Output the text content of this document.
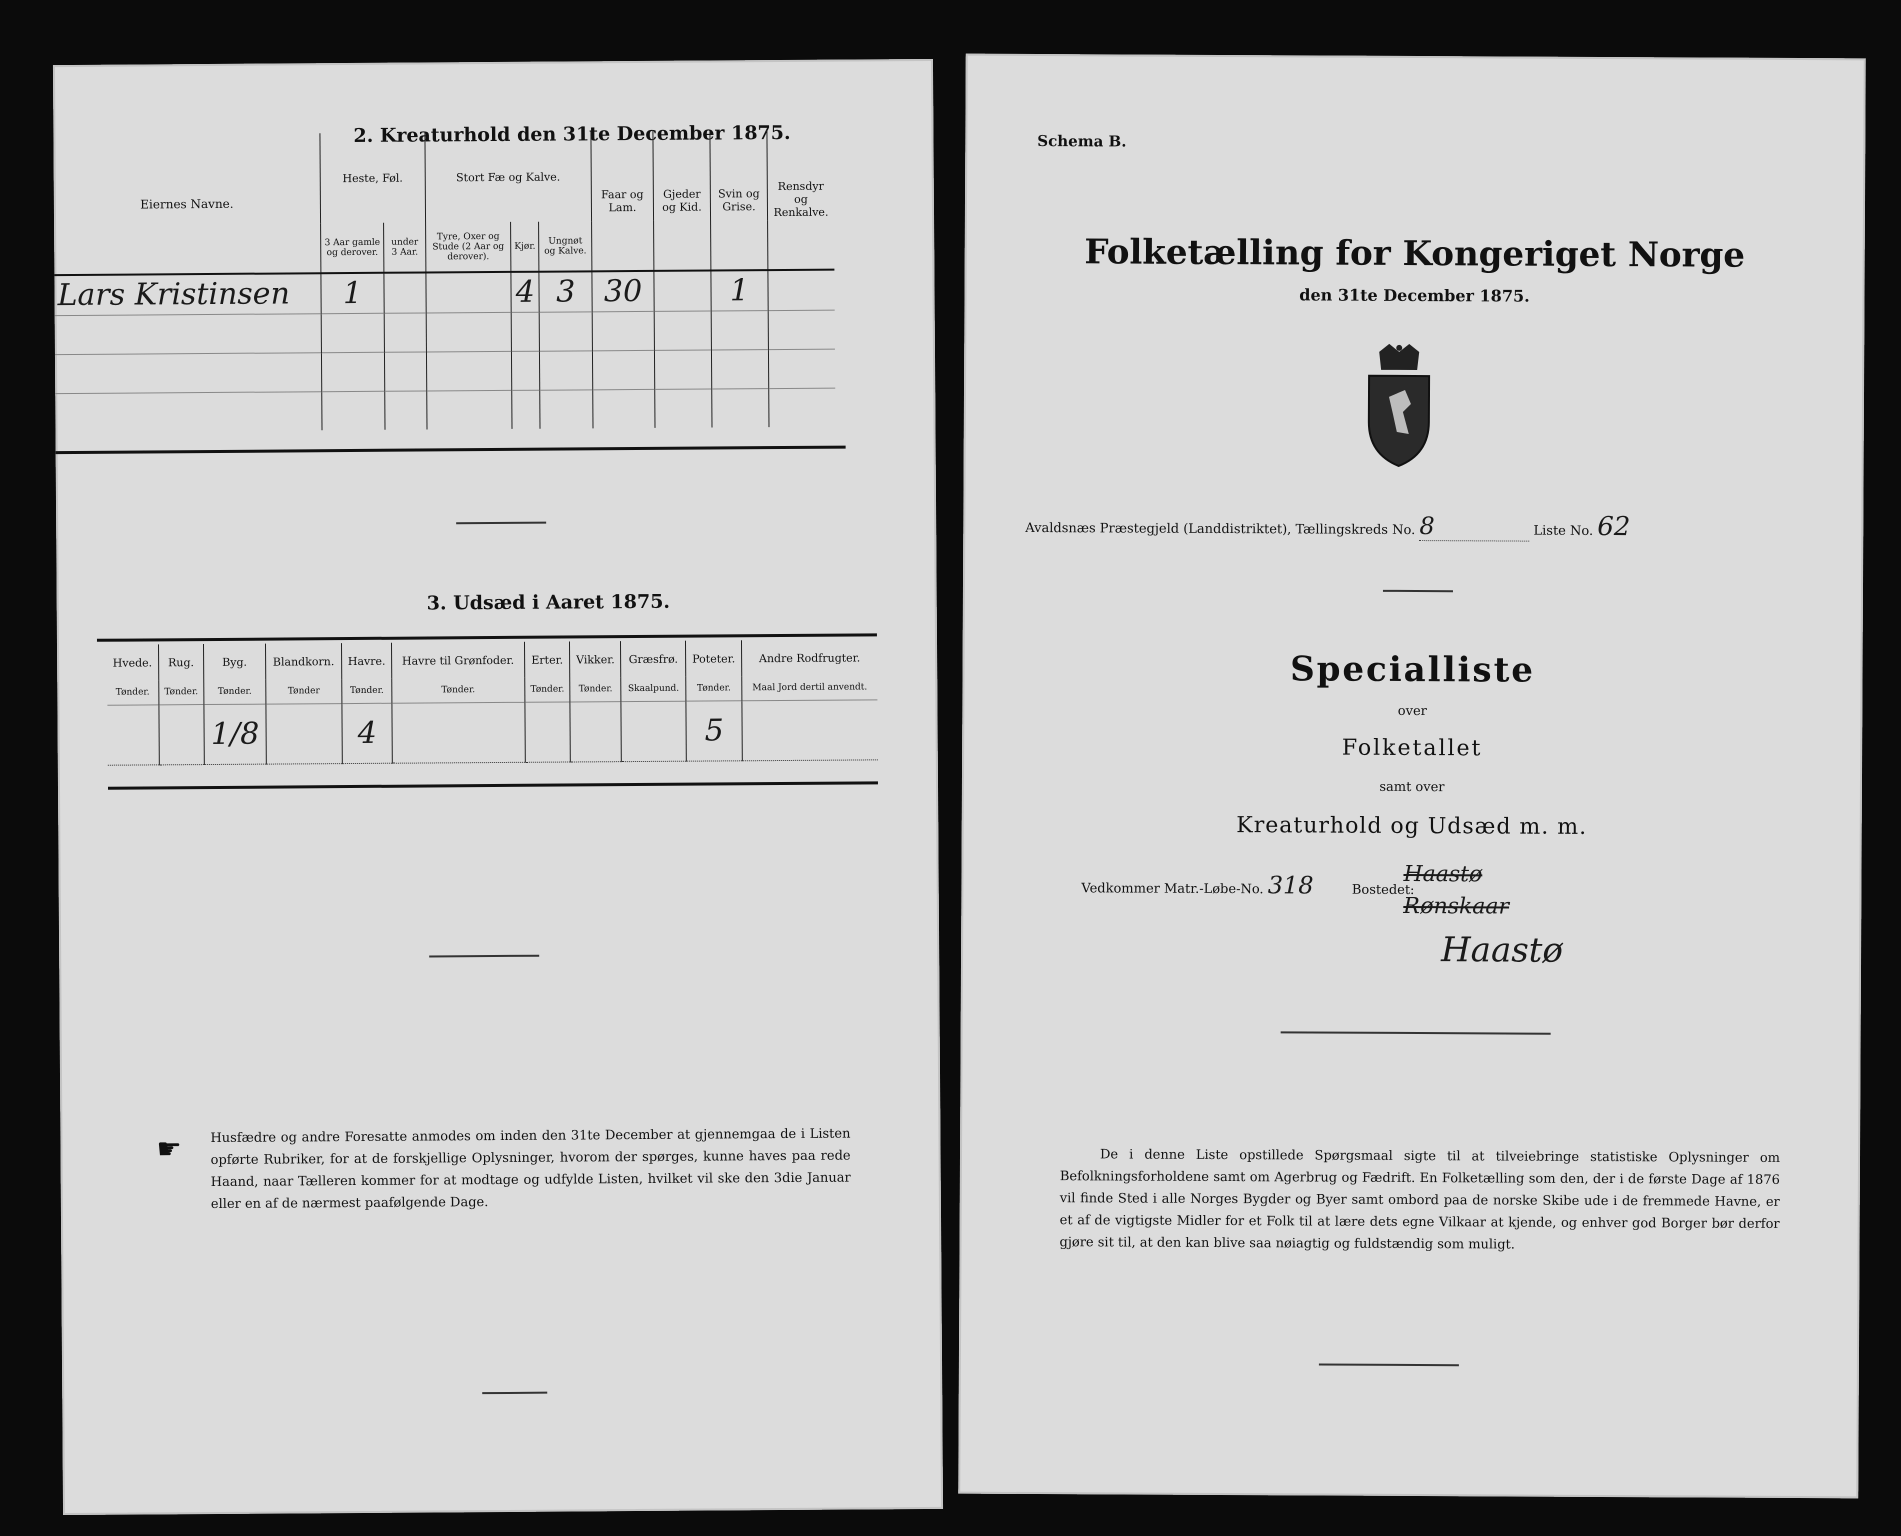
2. Kreaturhold den 31te December 1875.
Eiernes Navne.	Heste, Føl.		Stort Fæ og Kalve.			Faar og Lam.	Gjeder og Kid.	Svin og Grise.	Rensdyr og Renkalve.
	3 Aar gamle og derover.	under 3 Aar.	Tyre, Oxer og Stude (2 Aar og derover).	Kjør.	Ungnøt og Kalve.				
Lars Kristinsen	1			4	3	30		1	

3. Udsæd i Aaret 1875.
Hvede.	Rug.	Byg.	Blandkorn.	Havre.	Havre til Grønfoder.	Erter.	Vikker.	Græsfrø.	Poteter.	Andre Rodfrugter.
Tønder.	Tønder.	Tønder.	Tønder	Tønder.	Tønder.	Tønder.	Tønder.	Skaalpund.	Tønder.	Maal Jord dertil anvendt.
		1/8		4					5	
☛ Husfædre og andre Foresatte anmodes om inden den 31te December at gjennemgaa de i Listen opførte Rubriker, for at de forskjellige Oplysninger, hvorom der spørges, kunne haves paa rede Haand, naar Tælleren kommer for at modtage og udfylde Listen, hvilket vil ske den 3die Januar eller en af de nærmest paafølgende Dage.
Schema B.
Folketælling for Kongeriget Norge
den 31te December 1875.
Avaldsnæs Præstegjeld (Landdistriktet), Tællingskreds No. 8	Liste No. 62
Specialliste
over
Folketallet
samt over
Kreaturhold og Udsæd m. m.
Vedkommer Matr.-Løbe-No. 318	Bostedet:
Haastø
Rønskaar
Haastø
De i denne Liste opstillede Spørgsmaal sigte til at tilveiebringe statistiske Oplysninger om Befolkningsforholdene samt om Agerbrug og Fædrift. En Folketælling som den, der i de første Dage af 1876 vil finde Sted i alle Norges Bygder og Byer samt ombord paa de norske Skibe ude i de fremmede Havne, er et af de vigtigste Midler for et Folk til at lære dets egne Vilkaar at kjende, og enhver god Borger bør derfor gjøre sit til, at den kan blive saa nøiagtig og fuldstændig som muligt.
